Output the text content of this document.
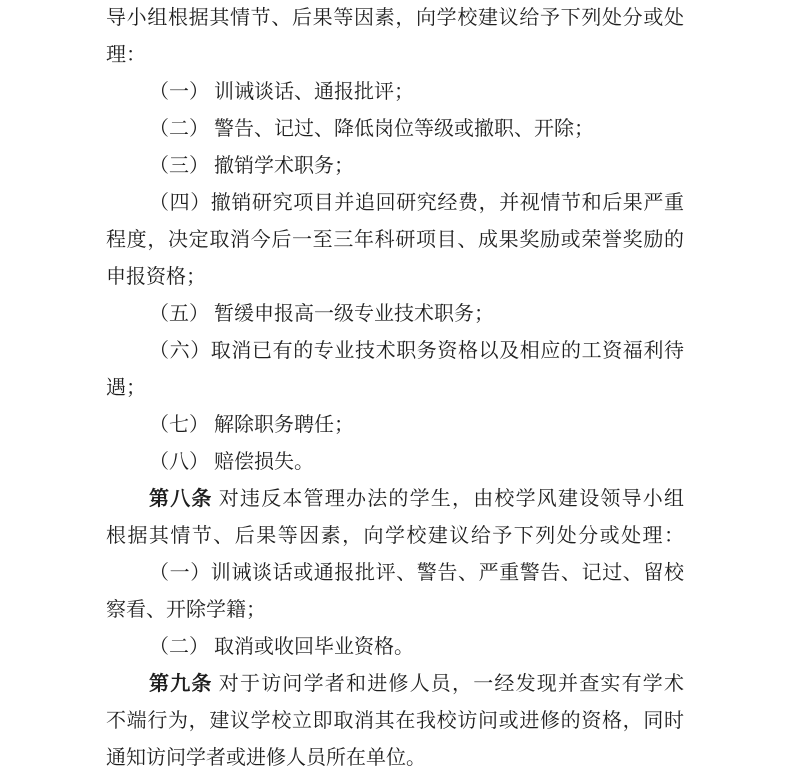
导小组根据其情节、后果等因素，向学校建议给予下列处分或处
理：
（一） 训诫谈话、通报批评；
（二） 警告、记过、降低岗位等级或撤职、开除；
（三） 撤销学术职务；
（四）撤销研究项目并追回研究经费，并视情节和后果严重
程度，决定取消今后一至三年科研项目、成果奖励或荣誉奖励的
申报资格；
（五） 暂缓申报高一级专业技术职务；
（六）取消已有的专业技术职务资格以及相应的工资福利待
遇；
（七） 解除职务聘任；
（八） 赔偿损失。
第八条 对违反本管理办法的学生，由校学风建设领导小组
根据其情节、后果等因素，向学校建议给予下列处分或处理：
（一）训诫谈话或通报批评、警告、严重警告、记过、留校
察看、开除学籍；
（二） 取消或收回毕业资格。
第九条 对于访问学者和进修人员，一经发现并查实有学术
不端行为，建议学校立即取消其在我校访问或进修的资格，同时
通知访问学者或进修人员所在单位。
